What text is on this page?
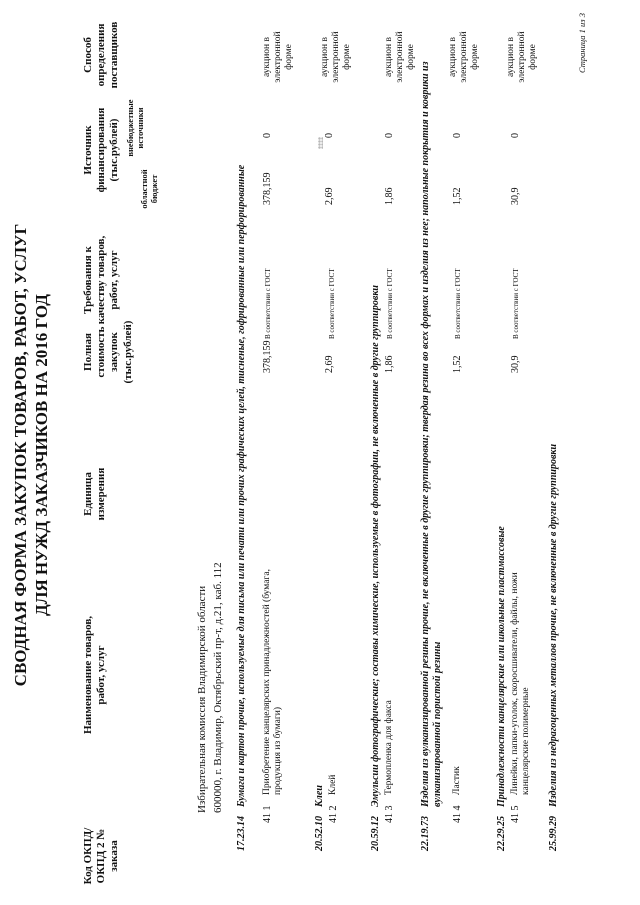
СВОДНАЯ ФОРМА ЗАКУПОК ТОВАРОВ, РАБОТ, УСЛУГ ДЛЯ НУЖД ЗАКАЗЧИКОВ НА 2016 ГОД
Код ОКПД/ ОКПД 2 № заказа
Наименование товаров, работ, услуг
Единица измерения
Полная стоимость закупок (тыс.рублей)
Требования к качеству товаров, работ, услуг
Источник финансирования (тыс.рублей)
областной бюджет
внебюджетные источники
Способ определения поставщиков
Избирательная комиссия Владимирской области 600000, г. Владимир, Октябрьский пр-т, д.21, каб. 112
17.23.14
Бумага и картон прочие, используемые для письма или печати или прочих графических целей, тисненые, гофрированные или перфорированные
41 1
Приобретение канцелярских принадлежностей (бумага, продукция из бумаги)
378,159
В соответствии с ГОСТ
378,159
0
аукцион в электронной форме
20.52.10
Клеи
41 2
Клей
2,69
В соответствии с ГОСТ
2,69
0
аукцион в электронной форме
20.59.12
Эмульсии фотографические; составы химические, используемые в фотографии, не включенные в другие группировки
41 3
Термопленка для факса
1,86
В соответствии с ГОСТ
1,86
0
аукцион в электронной форме
22.19.73
Изделия из вулканизированной резины прочие, не включенные в другие группировки; твердая резина во всех формах и изделия из нее; напольные покрытия и коврики из вулканизированной пористой резины
41 4
Ластик
1,52
В соответствии с ГОСТ
1,52
0
аукцион в электронной форме
22.29.25
Принадлежности канцелярские или школьные пластмассовые
41 5
Линейки, папки-уголок, скоросшиватели, файлы, ножи канцелярские полимерные
30,9
В соответствии с ГОСТ
30,9
0
аукцион в электронной форме
25.99.29
Изделия из недрагоценных металлов прочие, не включенные в другие группировки
Страница 1 из 3
